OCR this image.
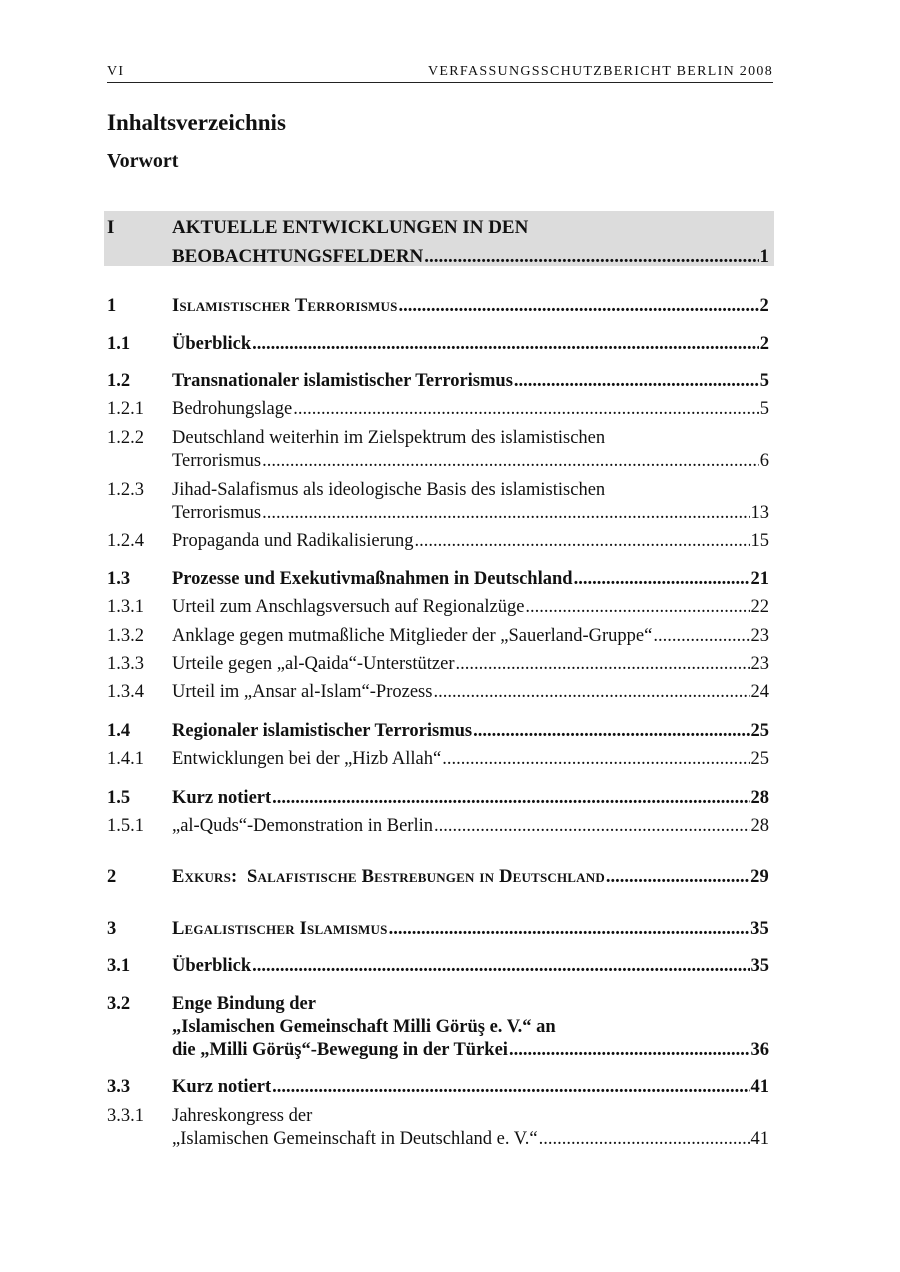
VI	VERFASSUNGSSCHUTZBERICHT BERLIN 2008
Inhaltsverzeichnis
Vorwort
I	AKTUELLE ENTWICKLUNGEN IN DEN
BEOBACHTUNGSFELDERN .....	1
1	Islamistischer Terrorismus .....	2
1.1 Überblick .....	2
1.2 Transnationaler islamistischer Terrorismus .....	5
1.2.1 Bedrohungslage .....	5
1.2.2 Deutschland weiterhin im Zielspektrum des islamistischen
Terrorismus .....	6
1.2.3 Jihad-Salafismus als ideologische Basis des islamistischen
Terrorismus .....	13
1.2.4 Propaganda und Radikalisierung .....	15
1.3 Prozesse und Exekutivmaßnahmen in Deutschland .....	21
1.3.1 Urteil zum Anschlagsversuch auf Regionalzüge .....	22
1.3.2 Anklage gegen mutmaßliche Mitglieder der „Sauerland-Gruppe“ .....	23
1.3.3 Urteile gegen „al-Qaida“-Unterstützer .....	23
1.3.4 Urteil im „Ansar al-Islam“-Prozess .....	24
1.4 Regionaler islamistischer Terrorismus .....	25
1.4.1 Entwicklungen bei der „Hizb Allah“ .....	25
1.5 Kurz notiert .....	28
1.5.1 „al-Quds“-Demonstration in Berlin .....	28
2	Exkurs:  Salafistische Bestrebungen in Deutschland .....	29
3	Legalistischer Islamismus .....	35
3.1 Überblick .....	35
3.2 Enge Bindung der
„Islamischen Gemeinschaft Milli Görüş e. V.“ an
die „Milli Görüş“-Bewegung in der Türkei .....	36
3.3 Kurz notiert .....	41
3.3.1 Jahreskongress der
„Islamischen Gemeinschaft in Deutschland e. V.“ .....	41
